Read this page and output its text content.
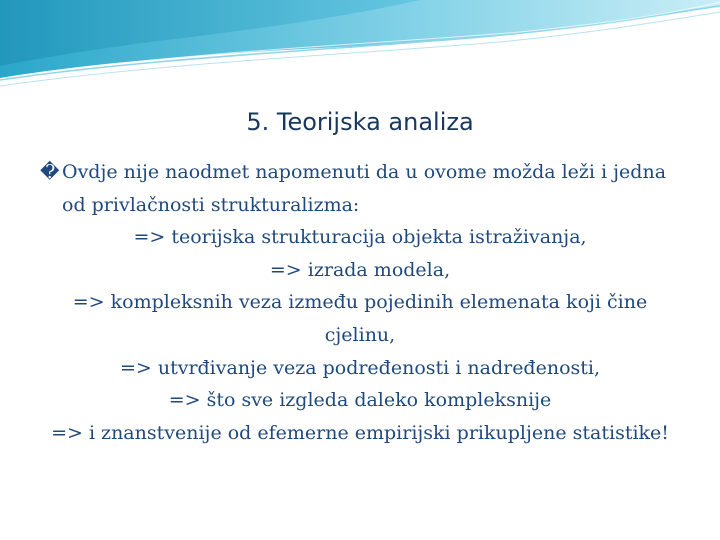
5. Teorijska analiza

� Ovdje nije naodmet napomenuti da u ovome možda leži i jedna od privlačnosti strukturalizma:

=> teorijska strukturacija objekta istraživanja,

=> izrada modela,

=> kompleksnih veza između pojedinih elemenata koji čine cjelinu,

=> utvrđivanje veza podređenosti i nadređenosti,

=> što sve izgleda daleko kompleksnije

=> i znanstvenije od efemerne empirijski prikupljene statistike!
